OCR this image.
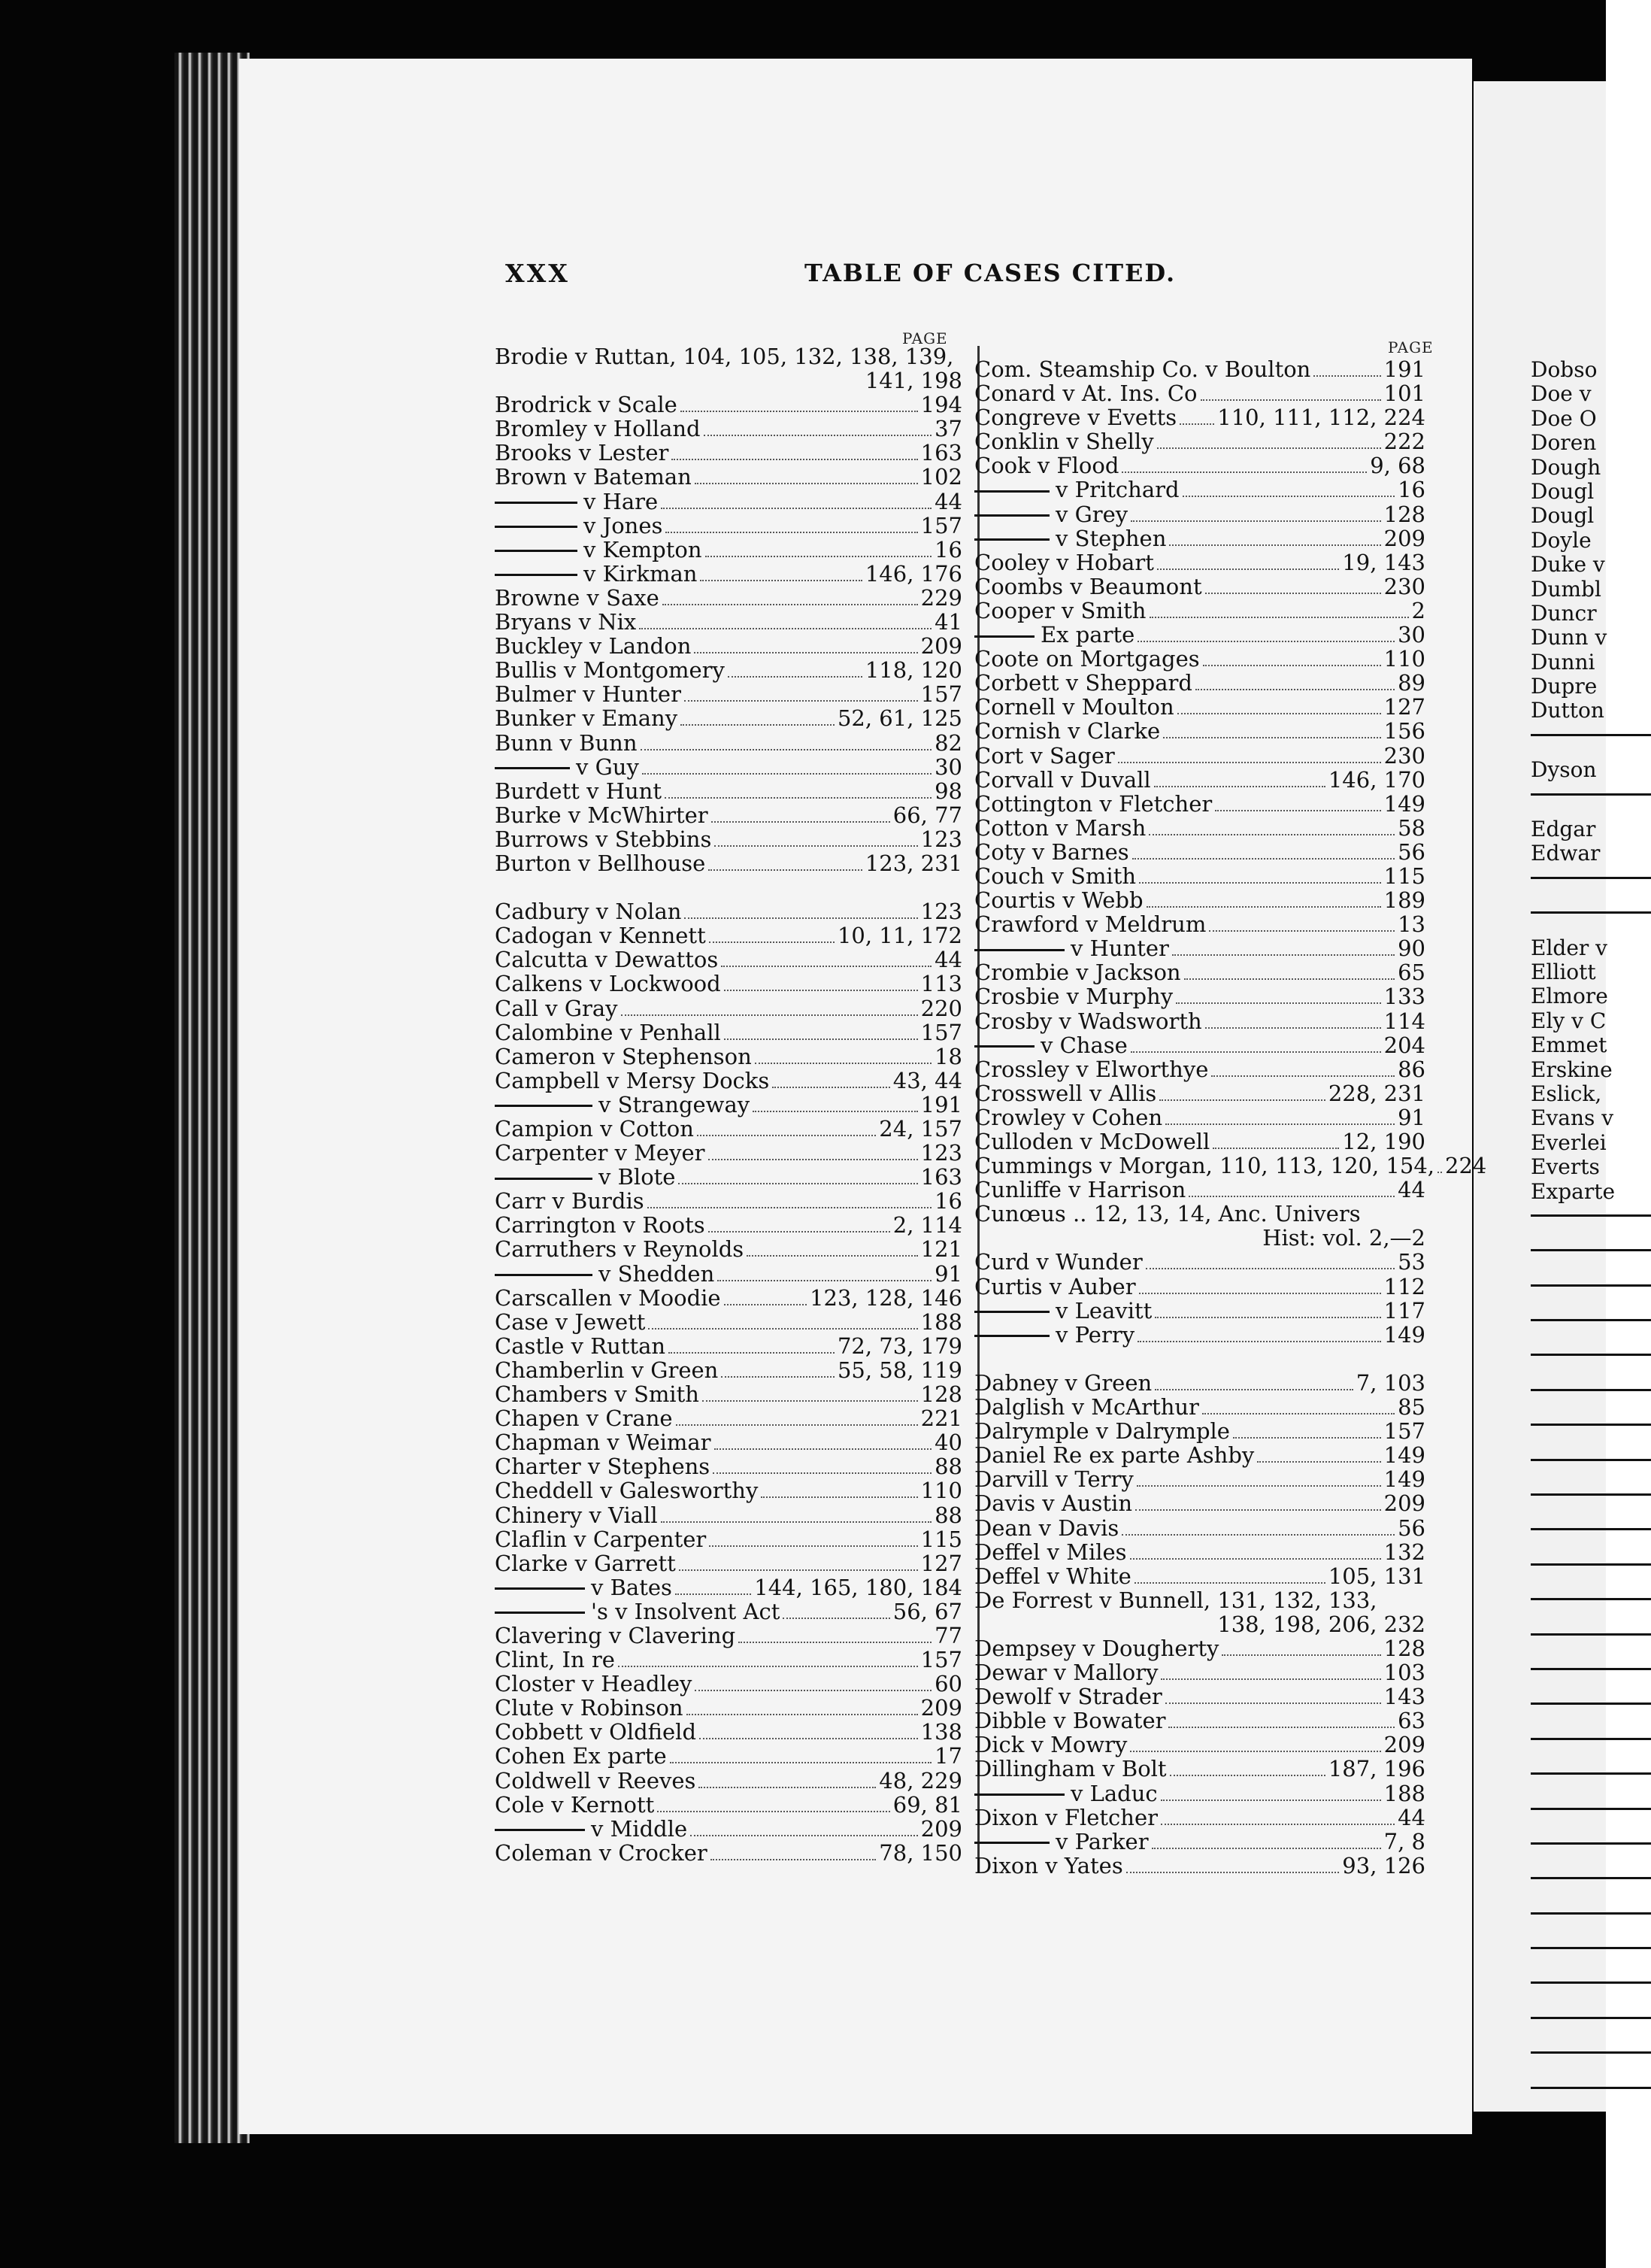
Dobso
Doe v
Doe O
Doren
Dough
Dougl
Dougl
Doyle
Duke v
Dumbl
Duncr
Dunn v
Dunni
Dupre
Dutton
Dyson
Edgar
Edwar
Elder v
Elliott
Elmore
Ely v C
Emmet
Erskine
Eslick,
Evans v
Everlei
Everts
Exparte
XXX	TABLE OF CASES CITED.
PAGE	PAGE
Brodie v Ruttan, 104, 105, 132, 138, 139,
141, 198
Brodrick v Scale	194
Bromley v Holland	37
Brooks v Lester	163
Brown v Bateman	102
v Hare	44
v Jones	157
v Kempton	16
v Kirkman	146, 176
Browne v Saxe	229
Bryans v Nix	41
Buckley v Landon	209
Bullis v Montgomery	118, 120
Bulmer v Hunter	157
Bunker v Emany	52, 61, 125
Bunn v Bunn	82
v Guy	30
Burdett v Hunt	98
Burke v McWhirter	66, 77
Burrows v Stebbins	123
Burton v Bellhouse	123, 231
Cadbury v Nolan	123
Cadogan v Kennett	10, 11, 172
Calcutta v Dewattos	44
Calkens v Lockwood	113
Call v Gray	220
Calombine v Penhall	157
Cameron v Stephenson	18
Campbell v Mersy Docks	43, 44
v Strangeway	191
Campion v Cotton	24, 157
Carpenter v Meyer	123
v Blote	163
Carr v Burdis	16
Carrington v Roots	2, 114
Carruthers v Reynolds	121
v Shedden	91
Carscallen v Moodie	123, 128, 146
Case v Jewett	188
Castle v Ruttan	72, 73, 179
Chamberlin v Green	55, 58, 119
Chambers v Smith	128
Chapen v Crane	221
Chapman v Weimar	40
Charter v Stephens	88
Cheddell v Galesworthy	110
Chinery v Viall	88
Claflin v Carpenter	115
Clarke v Garrett	127
v Bates	144, 165, 180, 184
's v Insolvent Act	56, 67
Clavering v Clavering	77
Clint, In re	157
Closter v Headley	60
Clute v Robinson	209
Cobbett v Oldfield	138
Cohen Ex parte	17
Coldwell v Reeves	48, 229
Cole v Kernott	69, 81
v Middle	209
Coleman v Crocker	78, 150
Com. Steamship Co. v Boulton	191
Conard v At. Ins. Co	101
Congreve v Evetts 110, 111, 112, 224
Conklin v Shelly	222
Cook v Flood	9, 68
v Pritchard	16
v Grey	128
v Stephen	209
Cooley v Hobart	19, 143
Coombs v Beaumont	230
Cooper v Smith	2
Ex parte	30
Coote on Mortgages	110
Corbett v Sheppard	89
Cornell v Moulton	127
Cornish v Clarke	156
Cort v Sager	230
Corvall v Duvall	146, 170
Cottington v Fletcher	149
Cotton v Marsh	58
Coty v Barnes	56
Couch v Smith	115
Courtis v Webb	189
Crawford v Meldrum	13
v Hunter	90
Crombie v Jackson	65
Crosbie v Murphy	133
Crosby v Wadsworth	114
v Chase	204
Crossley v Elworthye	86
Crosswell v Allis	228, 231
Crowley v Cohen	91
Culloden v McDowell	12, 190
Cummings v Morgan, 110, 113, 120, 154, 224
Cunliffe v Harrison	44
Cunœus .. 12, 13, 14, Anc. Univers
Hist: vol. 2,—2
Curd v Wunder	53
Curtis v Auber	112
v Leavitt	117
v Perry	149
Dabney v Green	7, 103
Dalglish v McArthur	85
Dalrymple v Dalrymple	157
Daniel Re ex parte Ashby	149
Darvill v Terry	149
Davis v Austin	209
Dean v Davis	56
Deffel v Miles	132
Deffel v White	105, 131
De Forrest v Bunnell, 131, 132, 133,
138, 198, 206, 232
Dempsey v Dougherty	128
Dewar v Mallory	103
Dewolf v Strader	143
Dibble v Bowater	63
Dick v Mowry	209
Dillingham v Bolt	187, 196
v Laduc	188
Dixon v Fletcher	44
v Parker	7, 8
Dixon v Yates	93, 126
